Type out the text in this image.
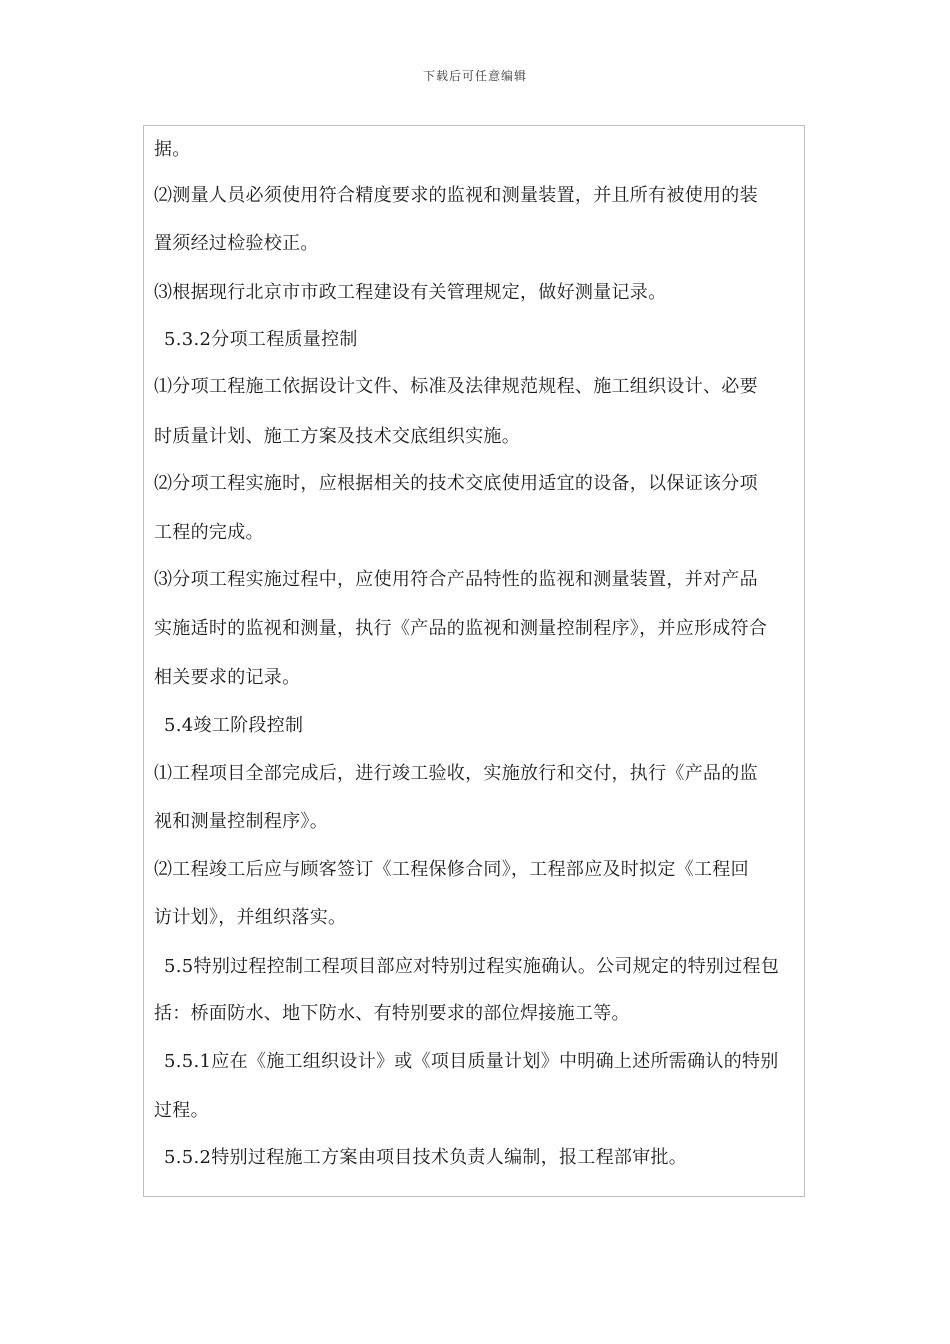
下载后可任意编辑
据。
⑵测量人员必须使用符合精度要求的监视和测量装置，并且所有被使用的装
置须经过检验校正。
⑶根据现行北京市市政工程建设有关管理规定，做好测量记录。
5.3.2分项工程质量控制
⑴分项工程施工依据设计文件、标准及法律规范规程、施工组织设计、必要
时质量计划、施工方案及技术交底组织实施。
⑵分项工程实施时，应根据相关的技术交底使用适宜的设备，以保证该分项
工程的完成。
⑶分项工程实施过程中，应使用符合产品特性的监视和测量装置，并对产品
实施适时的监视和测量，执行《产品的监视和测量控制程序》，并应形成符合
相关要求的记录。
5.4竣工阶段控制
⑴工程项目全部完成后，进行竣工验收，实施放行和交付，执行《产品的监
视和测量控制程序》。
⑵工程竣工后应与顾客签订《工程保修合同》，工程部应及时拟定《工程回
访计划》，并组织落实。
5.5特别过程控制工程项目部应对特别过程实施确认。公司规定的特别过程包
括：桥面防水、地下防水、有特别要求的部位焊接施工等。
5.5.1应在《施工组织设计》或《项目质量计划》中明确上述所需确认的特别
过程。
5.5.2特别过程施工方案由项目技术负责人编制，报工程部审批。
